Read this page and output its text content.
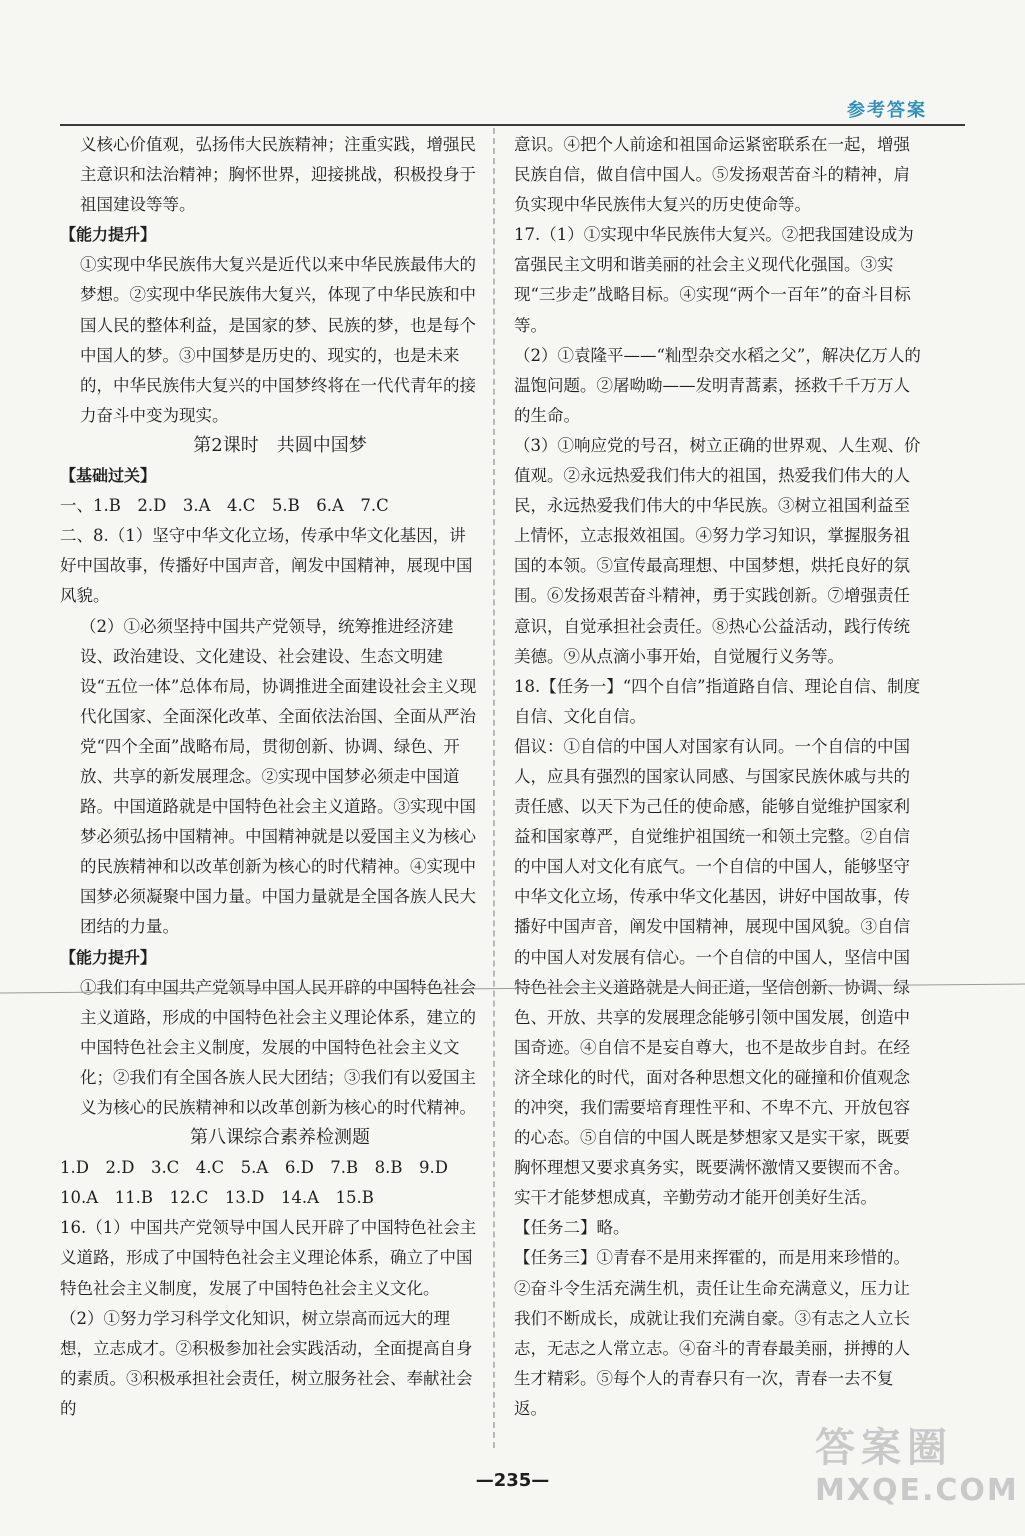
参考答案

义核心价值观，弘扬伟大民族精神；注重实践，增强民主意识和法治精神；胸怀世界，迎接挑战，积极投身于祖国建设等等。

【能力提升】

①实现中华民族伟大复兴是近代以来中华民族最伟大的梦想。②实现中华民族伟大复兴，体现了中华民族和中国人民的整体利益，是国家的梦、民族的梦，也是每个中国人的梦。③中国梦是历史的、现实的，也是未来的，中华民族伟大复兴的中国梦终将在一代代青年的接力奋斗中变为现实。

第2课时　共圆中国梦

【基础过关】

一、1.B　2.D　3.A　4.C　5.B　6.A　7.C

二、8.（1）坚守中华文化立场，传承中华文化基因，讲好中国故事，传播好中国声音，阐发中国精神，展现中国风貌。

（2）①必须坚持中国共产党领导，统筹推进经济建设、政治建设、文化建设、社会建设、生态文明建设“五位一体”总体布局，协调推进全面建设社会主义现代化国家、全面深化改革、全面依法治国、全面从严治党“四个全面”战略布局，贯彻创新、协调、绿色、开放、共享的新发展理念。②实现中国梦必须走中国道路。中国道路就是中国特色社会主义道路。③实现中国梦必须弘扬中国精神。中国精神就是以爱国主义为核心的民族精神和以改革创新为核心的时代精神。④实现中国梦必须凝聚中国力量。中国力量就是全国各族人民大团结的力量。

【能力提升】

①我们有中国共产党领导中国人民开辟的中国特色社会主义道路，形成的中国特色社会主义理论体系，建立的中国特色社会主义制度，发展的中国特色社会主义文化；②我们有全国各族人民大团结；③我们有以爱国主义为核心的民族精神和以改革创新为核心的时代精神。

第八课综合素养检测题

1.D　2.D　3.C　4.C　5.A　6.D　7.B　8.B　9.D

10.A　11.B　12.C　13.D　14.A　15.B

16.（1）中国共产党领导中国人民开辟了中国特色社会主义道路，形成了中国特色社会主义理论体系，确立了中国特色社会主义制度，发展了中国特色社会主义文化。

（2）①努力学习科学文化知识，树立崇高而远大的理想，立志成才。②积极参加社会实践活动，全面提高自身的素质。③积极承担社会责任，树立服务社会、奉献社会的

意识。④把个人前途和祖国命运紧密联系在一起，增强民族自信，做自信中国人。⑤发扬艰苦奋斗的精神，肩负实现中华民族伟大复兴的历史使命等。

17.（1）①实现中华民族伟大复兴。②把我国建设成为富强民主文明和谐美丽的社会主义现代化强国。③实现“三步走”战略目标。④实现“两个一百年”的奋斗目标等。

（2）①袁隆平——“籼型杂交水稻之父”，解决亿万人的温饱问题。②屠呦呦——发明青蒿素，拯救千千万万人的生命。

（3）①响应党的号召，树立正确的世界观、人生观、价值观。②永远热爱我们伟大的祖国，热爱我们伟大的人民，永远热爱我们伟大的中华民族。③树立祖国利益至上情怀，立志报效祖国。④努力学习知识，掌握服务祖国的本领。⑤宣传最高理想、中国梦想，烘托良好的氛围。⑥发扬艰苦奋斗精神，勇于实践创新。⑦增强责任意识，自觉承担社会责任。⑧热心公益活动，践行传统美德。⑨从点滴小事开始，自觉履行义务等。

18.【任务一】“四个自信”指道路自信、理论自信、制度自信、文化自信。

倡议：①自信的中国人对国家有认同。一个自信的中国人，应具有强烈的国家认同感、与国家民族休戚与共的责任感、以天下为己任的使命感，能够自觉维护国家利益和国家尊严，自觉维护祖国统一和领土完整。②自信的中国人对文化有底气。一个自信的中国人，能够坚守中华文化立场，传承中华文化基因，讲好中国故事，传播好中国声音，阐发中国精神，展现中国风貌。③自信的中国人对发展有信心。一个自信的中国人，坚信中国特色社会主义道路就是人间正道，坚信创新、协调、绿色、开放、共享的发展理念能够引领中国发展，创造中国奇迹。④自信不是妄自尊大，也不是故步自封。在经济全球化的时代，面对各种思想文化的碰撞和价值观念的冲突，我们需要培育理性平和、不卑不亢、开放包容的心态。⑤自信的中国人既是梦想家又是实干家，既要胸怀理想又要求真务实，既要满怀激情又要锲而不舍。实干才能梦想成真，辛勤劳动才能开创美好生活。

【任务二】略。

【任务三】①青春不是用来挥霍的，而是用来珍惜的。②奋斗令生活充满生机，责任让生命充满意义，压力让我们不断成长，成就让我们充满自豪。③有志之人立长志，无志之人常立志。④奋斗的青春最美丽，拼搏的人生才精彩。⑤每个人的青春只有一次，青春一去不复返。

—235—
答案圈
MXQE.COM
